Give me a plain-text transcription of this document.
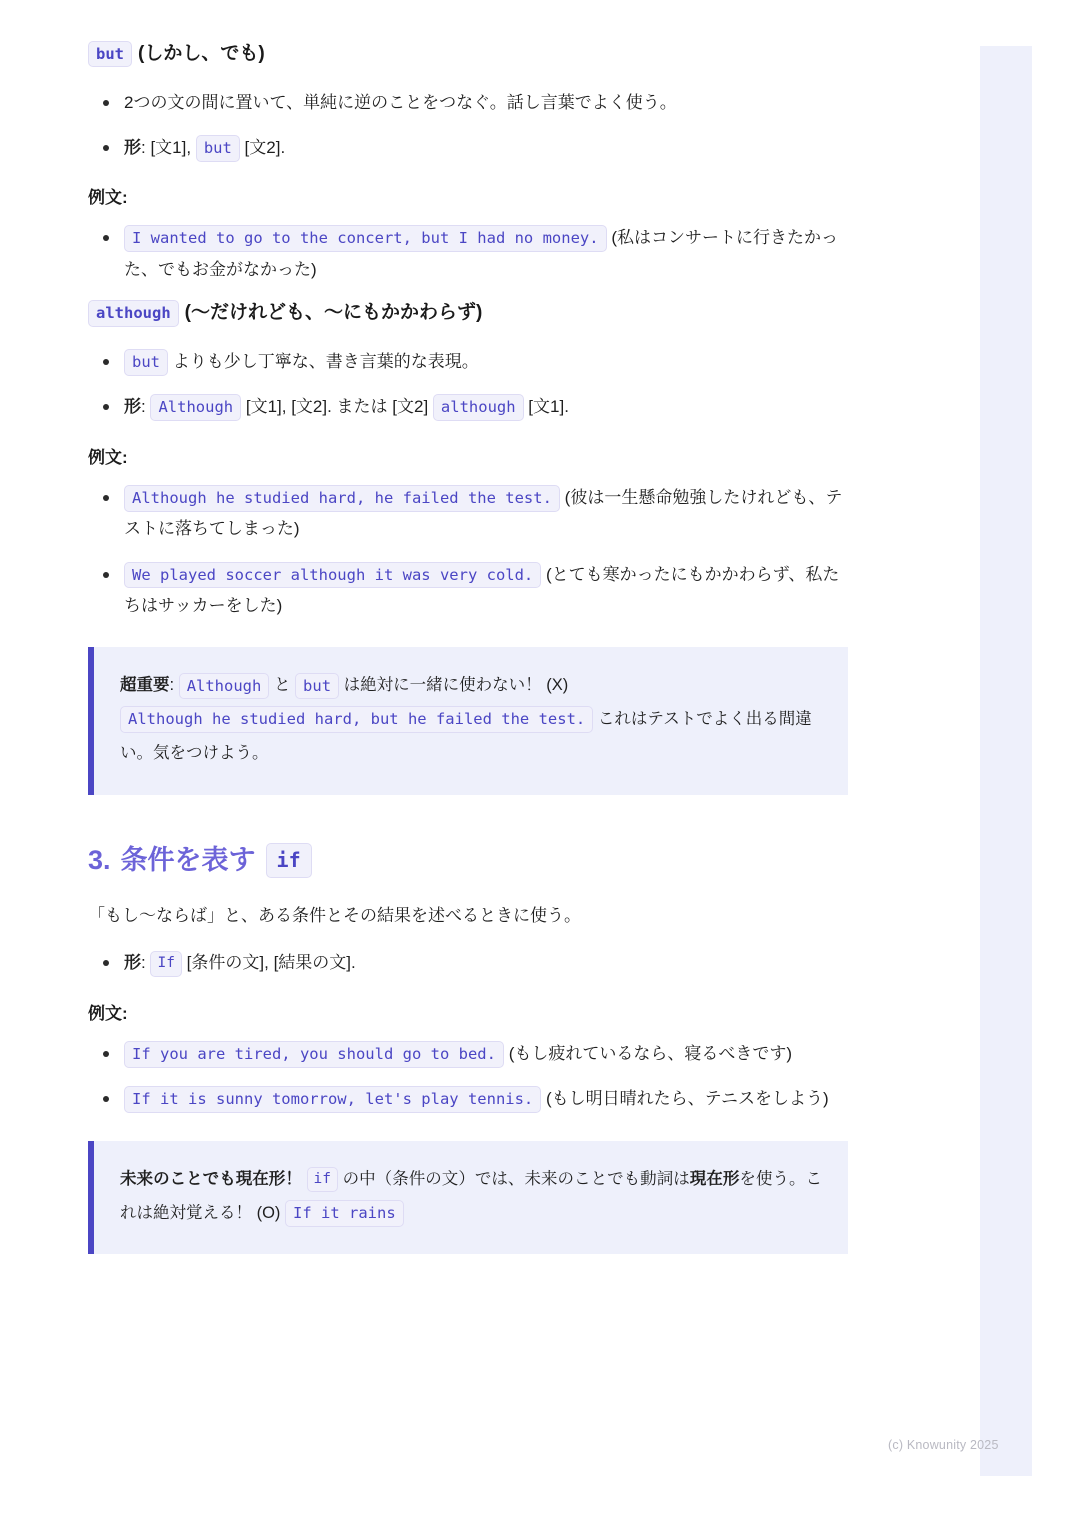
but (しかし、でも)
2つの文の間に置いて、単純に逆のことをつなぐ。話し言葉でよく使う。
形: [文1], but [文2].
例文:
I wanted to go to the concert, but I had no money. (私はコンサートに行きたかった、でもお金がなかった)
although (〜だけれども、〜にもかかわらず)
but よりも少し丁寧な、書き言葉的な表現。
形: Although [文1], [文2]. または [文2] although [文1].
例文:
Although he studied hard, he failed the test. (彼は一生懸命勉強したけれども、テストに落ちてしまった)
We played soccer although it was very cold. (とても寒かったにもかかわらず、私たちはサッカーをした)
超重要: Although と but は絶対に一緒に使わない！ (X) Although he studied hard, but he failed the test. これはテストでよく出る間違い。気をつけよう。
3. 条件を表す	if

「もし〜ならば」と、ある条件とその結果を述べるときに使う。

形: If [条件の文], [結果の文].
例文:
If you are tired, you should go to bed. (もし疲れているなら、寝るべきです)
If it is sunny tomorrow, let's play tennis. (もし明日晴れたら、テニスをしよう)
未来のことでも現在形！ if の中（条件の文）では、未来のことでも動詞は現在形を使う。これは絶対覚える！ (O) If it rains
(c) Knowunity 2025
